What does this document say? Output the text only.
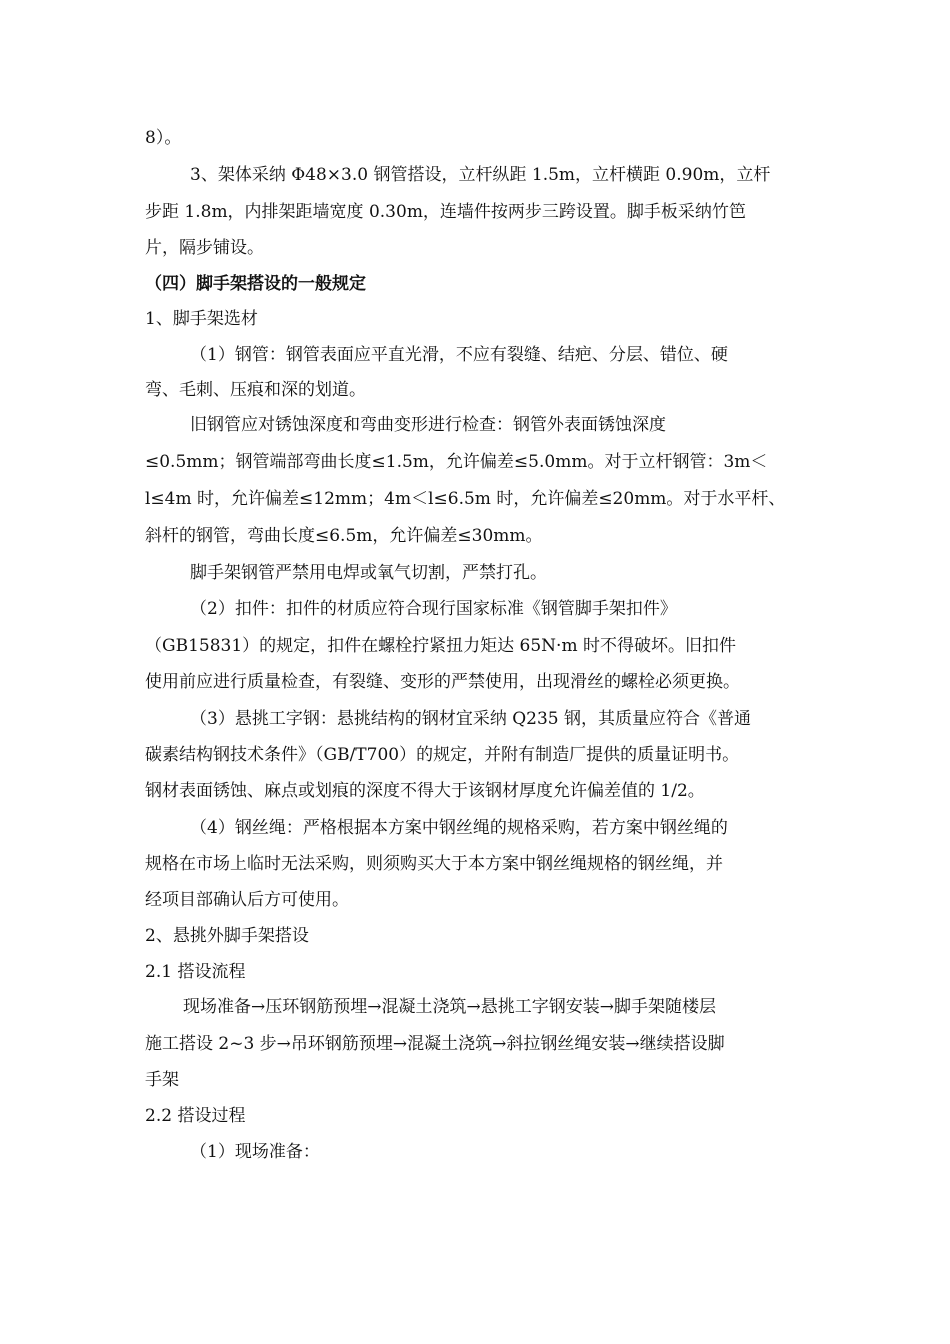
8）。
3、架体采纳 Φ48×3.0 钢管搭设，立杆纵距 1.5m，立杆横距 0.90m，立杆
步距 1.8m，内排架距墙宽度 0.30m，连墙件按两步三跨设置。脚手板采纳竹笆
片，隔步铺设。
（四）脚手架搭设的一般规定
1、脚手架选材
（1）钢管：钢管表面应平直光滑，不应有裂缝、结疤、分层、错位、硬
弯、毛刺、压痕和深的划道。
旧钢管应对锈蚀深度和弯曲变形进行检查：钢管外表面锈蚀深度
≤0.5mm；钢管端部弯曲长度≤1.5m，允许偏差≤5.0mm。对于立杆钢管：3m＜
l≤4m 时，允许偏差≤12mm；4m＜l≤6.5m 时，允许偏差≤20mm。对于水平杆、
斜杆的钢管，弯曲长度≤6.5m，允许偏差≤30mm。
脚手架钢管严禁用电焊或氧气切割，严禁打孔。
（2）扣件：扣件的材质应符合现行国家标准《钢管脚手架扣件》
（GB15831）的规定，扣件在螺栓拧紧扭力矩达 65N·m 时不得破坏。旧扣件
使用前应进行质量检查，有裂缝、变形的严禁使用，出现滑丝的螺栓必须更换。
（3）悬挑工字钢：悬挑结构的钢材宜采纳 Q235 钢，其质量应符合《普通
碳素结构钢技术条件》（GB/T700）的规定，并附有制造厂提供的质量证明书。
钢材表面锈蚀、麻点或划痕的深度不得大于该钢材厚度允许偏差值的 1/2。
（4）钢丝绳：严格根据本方案中钢丝绳的规格采购，若方案中钢丝绳的
规格在市场上临时无法采购，则须购买大于本方案中钢丝绳规格的钢丝绳，并
经项目部确认后方可使用。
2、悬挑外脚手架搭设
2.1 搭设流程
现场准备→压环钢筋预埋→混凝土浇筑→悬挑工字钢安装→脚手架随楼层
施工搭设 2~3 步→吊环钢筋预埋→混凝土浇筑→斜拉钢丝绳安装→继续搭设脚
手架
2.2 搭设过程
（1）现场准备：
